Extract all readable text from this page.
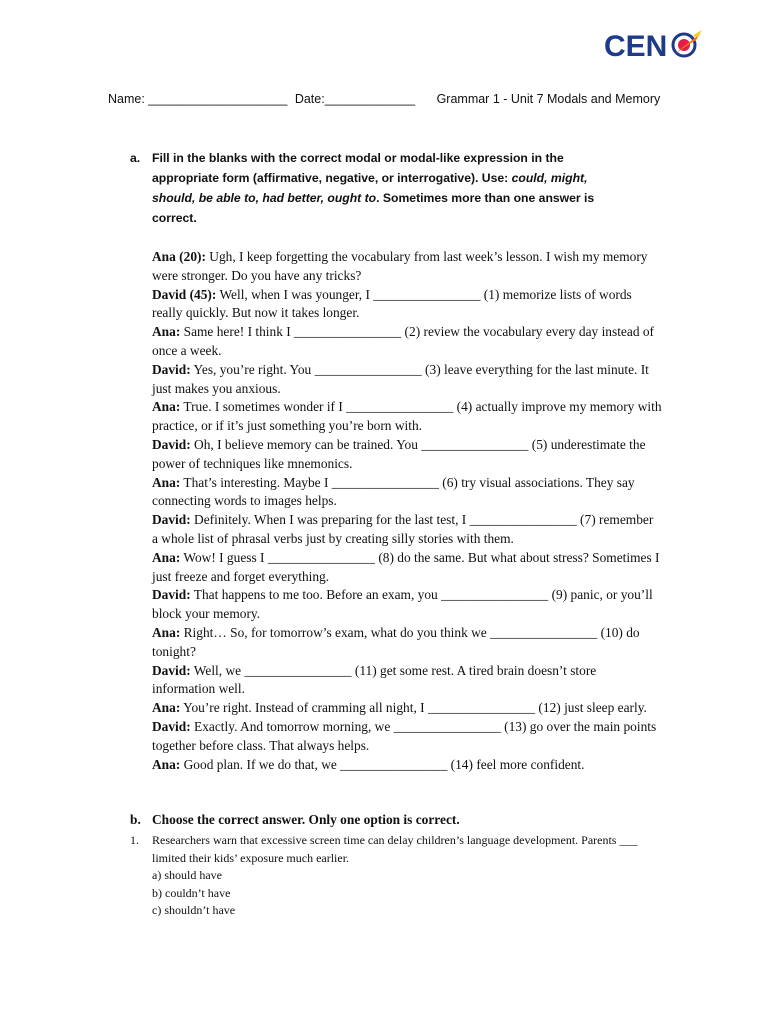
CEN
Name: ____________________ Date:_____________ Grammar 1 - Unit 7 Modals and Memory
a. Fill in the blanks with the correct modal or modal-like expression in the appropriate form (affirmative, negative, or interrogative). Use: could, might, should, be able to, had better, ought to. Sometimes more than one answer is correct.

Ana (20): Ugh, I keep forgetting the vocabulary from last week’s lesson. I wish my memory were stronger. Do you have any tricks?

David (45): Well, when I was younger, I ________________ (1) memorize lists of words really quickly. But now it takes longer.

Ana: Same here! I think I ________________ (2) review the vocabulary every day instead of once a week.

David: Yes, you’re right. You ________________ (3) leave everything for the last minute. It just makes you anxious.

Ana: True. I sometimes wonder if I ________________ (4) actually improve my memory with practice, or if it’s just something you’re born with.

David: Oh, I believe memory can be trained. You ________________ (5) underestimate the power of techniques like mnemonics.

Ana: That’s interesting. Maybe I ________________ (6) try visual associations. They say connecting words to images helps.

David: Definitely. When I was preparing for the last test, I ________________ (7) remember a whole list of phrasal verbs just by creating silly stories with them.

Ana: Wow! I guess I ________________ (8) do the same. But what about stress? Sometimes I just freeze and forget everything.

David: That happens to me too. Before an exam, you ________________ (9) panic, or you’ll block your memory.

Ana: Right… So, for tomorrow’s exam, what do you think we ________________ (10) do tonight?

David: Well, we ________________ (11) get some rest. A tired brain doesn’t store information well.

Ana: You’re right. Instead of cramming all night, I ________________ (12) just sleep early.

David: Exactly. And tomorrow morning, we ________________ (13) go over the main points together before class. That always helps.

Ana: Good plan. If we do that, we ________________ (14) feel more confident.

b. Choose the correct answer. Only one option is correct.
1. Researchers warn that excessive screen time can delay children’s language development. Parents ___ limited their kids’ exposure much earlier.
a) should have
b) couldn’t have
c) shouldn’t have
